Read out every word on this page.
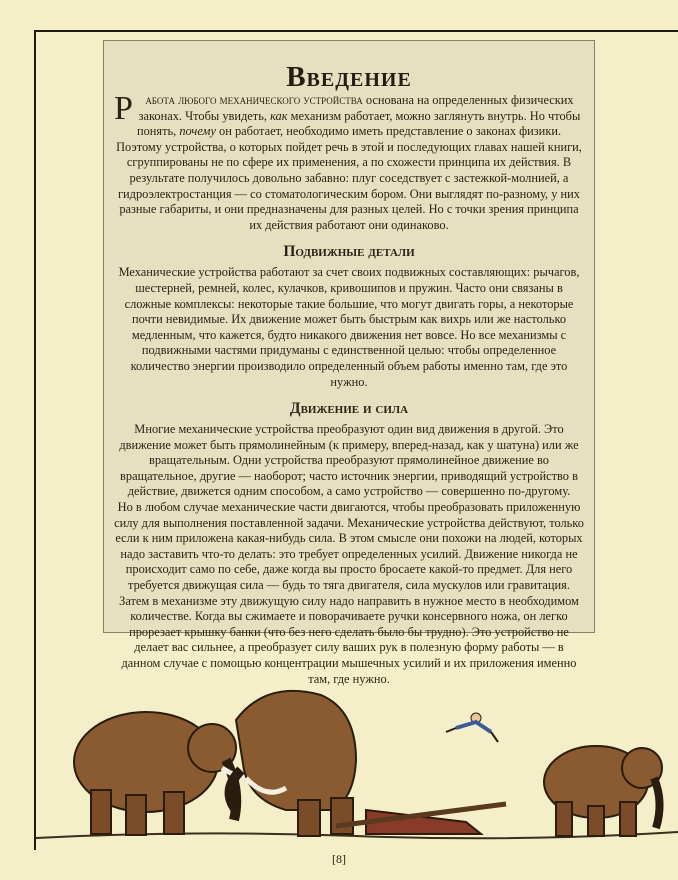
Введение

Работа любого механического устройства основана на определенных физических законах. Чтобы увидеть, как механизм работает, можно заглянуть внутрь. Но чтобы понять, почему он работает, необходимо иметь представление о законах физики. Поэтому устройства, о которых пойдет речь в этой и последующих главах нашей книги, сгруппированы не по сфере их применения, а по схожести принципа их действия. В результате получилось довольно забавно: плуг соседствует с застежкой-молнией, а гидроэлектростанция — со стоматологическим бором. Они выглядят по-разному, у них разные габариты, и они предназначены для разных целей. Но с точки зрения принципа их действия работают они одинаково.

Подвижные детали

Механические устройства работают за счет своих подвижных составляющих: рычагов, шестерней, ремней, колес, кулачков, кривошипов и пружин. Часто они связаны в сложные комплексы: некоторые такие большие, что могут двигать горы, а некоторые почти невидимые. Их движение может быть быстрым как вихрь или же настолько медленным, что кажется, будто никакого движения нет вовсе. Но все механизмы с подвижными частями придуманы с единственной целью: чтобы определенное количество энергии производило определенный объем работы именно там, где это нужно.

Движение и сила

Многие механические устройства преобразуют один вид движения в другой. Это движение может быть прямолинейным (к примеру, вперед-назад, как у шатуна) или же вращательным. Одни устройства преобразуют прямолинейное движение во вращательное, другие — наоборот; часто источник энергии, приводящий устройство в действие, движется одним способом, а само устройство — совершенно по-другому.

Но в любом случае механические части двигаются, чтобы преобразовать приложенную силу для выполнения поставленной задачи. Механические устройства действуют, только если к ним приложена какая-нибудь сила. В этом смысле они похожи на людей, которых надо заставить что-то делать: это требует определенных усилий. Движение никогда не происходит само по себе, даже когда вы просто бросаете какой-то предмет. Для него требуется движущая сила — будь то тяга двигателя, сила мускулов или гравитация. Затем в механизме эту движущую силу надо направить в нужное место в необходимом количестве. Когда вы сжимаете и поворачиваете ручки консервного ножа, он легко прорезает крышку банки (что без него сделать было бы трудно). Это устройство не делает вас сильнее, а преобразует силу ваших рук в полезную форму работы — в данном случае с помощью концентрации мышечных усилий и их приложения именно там, где нужно.

[8]
